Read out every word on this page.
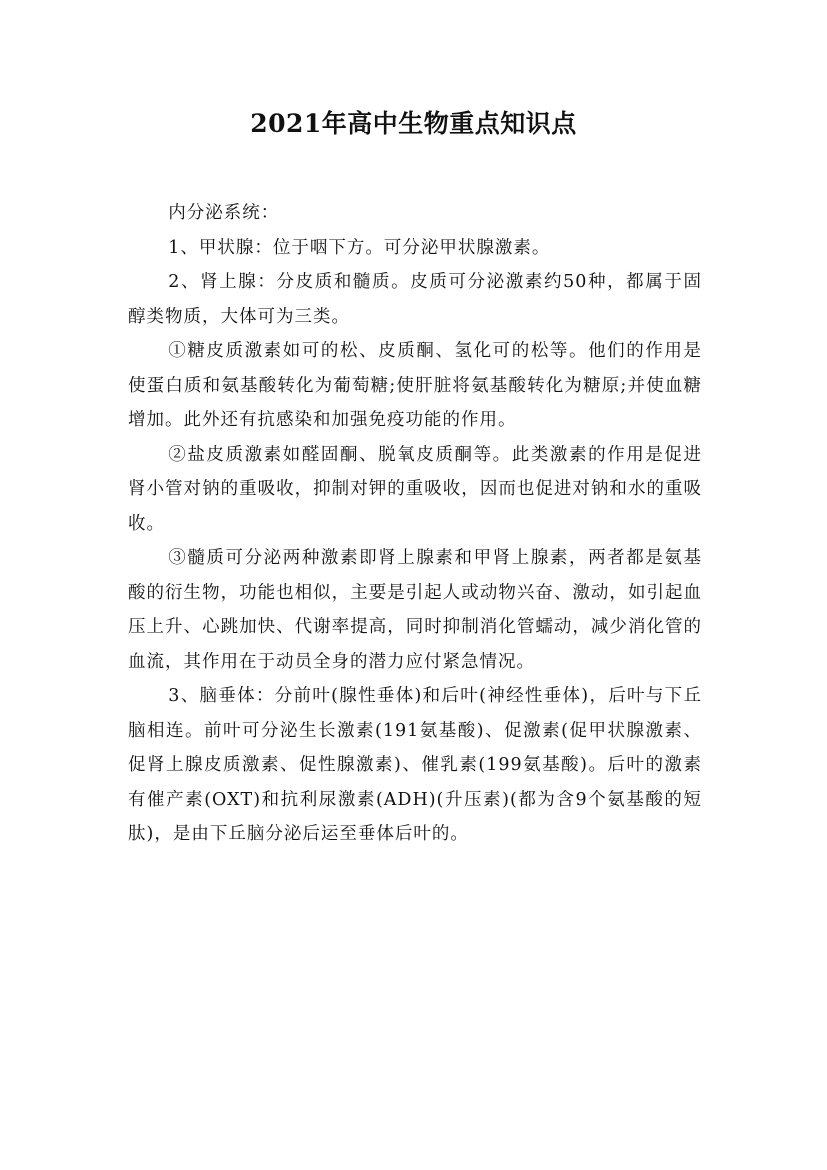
2021年高中生物重点知识点

内分泌系统：

1、甲状腺：位于咽下方。可分泌甲状腺激素。

2、肾上腺：分皮质和髓质。皮质可分泌激素约50种，都属于固醇类物质，大体可为三类。

①糖皮质激素如可的松、皮质酮、氢化可的松等。他们的作用是使蛋白质和氨基酸转化为葡萄糖;使肝脏将氨基酸转化为糖原;并使血糖增加。此外还有抗感染和加强免疫功能的作用。

②盐皮质激素如醛固酮、脱氧皮质酮等。此类激素的作用是促进肾小管对钠的重吸收，抑制对钾的重吸收，因而也促进对钠和水的重吸收。

③髓质可分泌两种激素即肾上腺素和甲肾上腺素，两者都是氨基酸的衍生物，功能也相似，主要是引起人或动物兴奋、激动，如引起血压上升、心跳加快、代谢率提高，同时抑制消化管蠕动，减少消化管的血流，其作用在于动员全身的潜力应付紧急情况。

3、脑垂体：分前叶(腺性垂体)和后叶(神经性垂体)，后叶与下丘脑相连。前叶可分泌生长激素(191氨基酸)、促激素(促甲状腺激素、促肾上腺皮质激素、促性腺激素)、催乳素(199氨基酸)。后叶的激素有催产素(OXT)和抗利尿激素(ADH)(升压素)(都为含9个氨基酸的短肽)，是由下丘脑分泌后运至垂体后叶的。
